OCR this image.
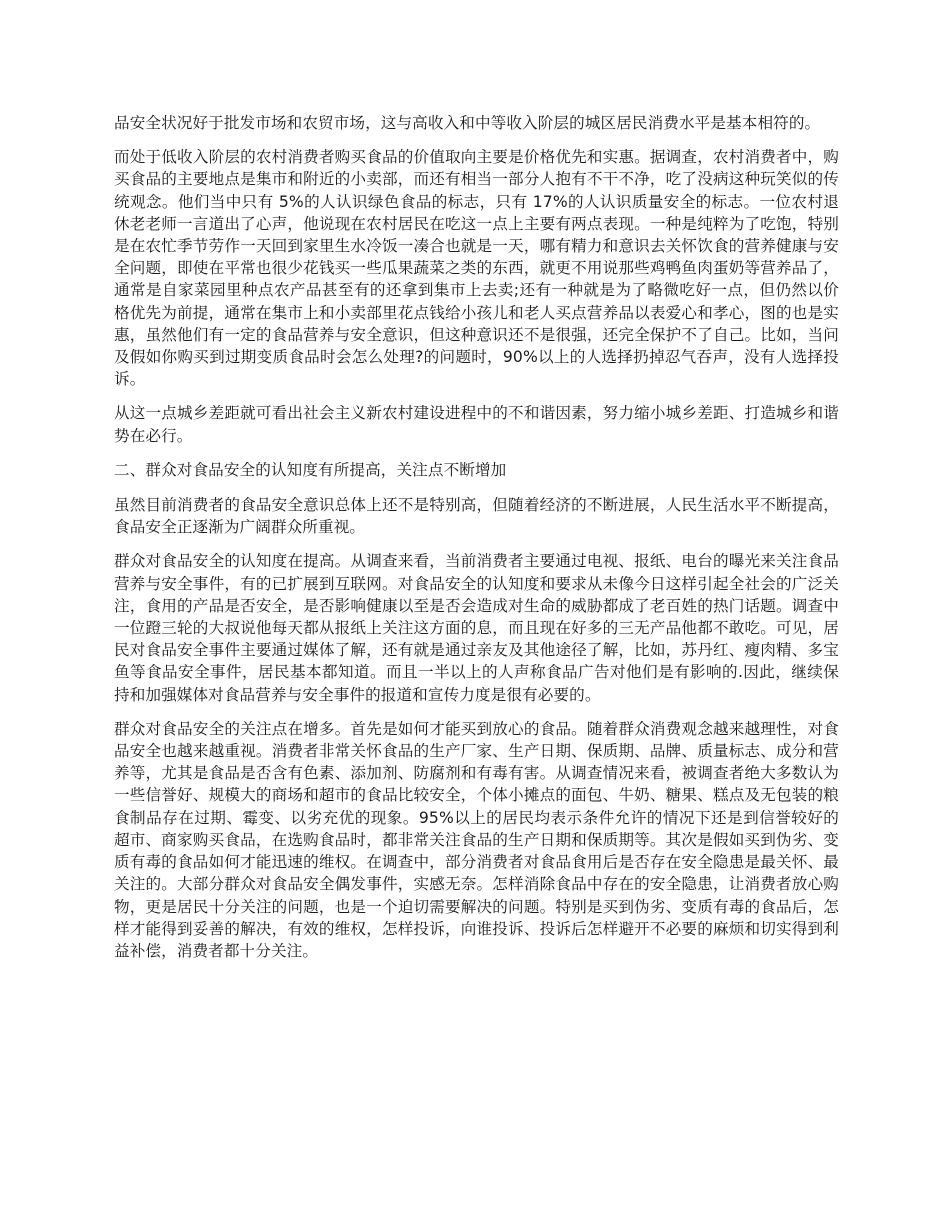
品安全状况好于批发市场和农贸市场，这与高收入和中等收入阶层的城区居民消费水平是基本相符的。

而处于低收入阶层的农村消费者购买食品的价值取向主要是价格优先和实惠。据调查，农村消费者中，购买食品的主要地点是集市和附近的小卖部，而还有相当一部分人抱有不干不净，吃了没病这种玩笑似的传统观念。他们当中只有 5%的人认识绿色食品的标志，只有 17%的人认识质量安全的标志。一位农村退休老老师一言道出了心声，他说现在农村居民在吃这一点上主要有两点表现。一种是纯粹为了吃饱，特别是在农忙季节劳作一天回到家里生水冷饭一凑合也就是一天，哪有精力和意识去关怀饮食的营养健康与安全问题，即使在平常也很少花钱买一些瓜果蔬菜之类的东西，就更不用说那些鸡鸭鱼肉蛋奶等营养品了，通常是自家菜园里种点农产品甚至有的还拿到集市上去卖;还有一种就是为了略微吃好一点，但仍然以价格优先为前提，通常在集市上和小卖部里花点钱给小孩儿和老人买点营养品以表爱心和孝心，图的也是实惠，虽然他们有一定的食品营养与安全意识，但这种意识还不是很强，还完全保护不了自己。比如，当问及假如你购买到过期变质食品时会怎么处理?的问题时，90%以上的人选择扔掉忍气吞声，没有人选择投诉。

从这一点城乡差距就可看出社会主义新农村建设进程中的不和谐因素，努力缩小城乡差距、打造城乡和谐势在必行。

二、群众对食品安全的认知度有所提高，关注点不断增加

虽然目前消费者的食品安全意识总体上还不是特别高，但随着经济的不断进展，人民生活水平不断提高，食品安全正逐渐为广阔群众所重视。

群众对食品安全的认知度在提高。从调查来看，当前消费者主要通过电视、报纸、电台的曝光来关注食品营养与安全事件，有的已扩展到互联网。对食品安全的认知度和要求从未像今日这样引起全社会的广泛关注，食用的产品是否安全，是否影响健康以至是否会造成对生命的威胁都成了老百姓的热门话题。调查中一位蹬三轮的大叔说他每天都从报纸上关注这方面的息，而且现在好多的三无产品他都不敢吃。可见，居民对食品安全事件主要通过媒体了解，还有就是通过亲友及其他途径了解，比如，苏丹红、瘦肉精、多宝鱼等食品安全事件，居民基本都知道。而且一半以上的人声称食品广告对他们是有影响的.因此，继续保持和加强媒体对食品营养与安全事件的报道和宣传力度是很有必要的。

群众对食品安全的关注点在增多。首先是如何才能买到放心的食品。随着群众消费观念越来越理性，对食品安全也越来越重视。消费者非常关怀食品的生产厂家、生产日期、保质期、品牌、质量标志、成分和营养等，尤其是食品是否含有色素、添加剂、防腐剂和有毒有害。从调查情况来看，被调查者绝大多数认为一些信誉好、规模大的商场和超市的食品比较安全，个体小摊点的面包、牛奶、糖果、糕点及无包装的粮食制品存在过期、霉变、以劣充优的现象。95%以上的居民均表示条件允许的情况下还是到信誉较好的超市、商家购买食品，在选购食品时，都非常关注食品的生产日期和保质期等。其次是假如买到伪劣、变质有毒的食品如何才能迅速的维权。在调查中，部分消费者对食品食用后是否存在安全隐患是最关怀、最关注的。大部分群众对食品安全偶发事件，实感无奈。怎样消除食品中存在的安全隐患，让消费者放心购物，更是居民十分关注的问题，也是一个迫切需要解决的问题。特别是买到伪劣、变质有毒的食品后，怎样才能得到妥善的解决，有效的维权，怎样投诉，向谁投诉、投诉后怎样避开不必要的麻烦和切实得到利益补偿，消费者都十分关注。
